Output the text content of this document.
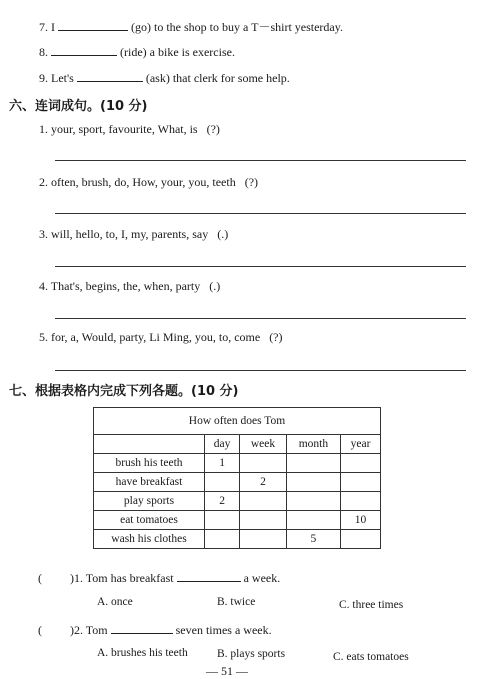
7. I	(go) to the shop to buy a T－shirt yesterday.
8.	(ride) a bike is exercise.
9. Let's	(ask) that clerk for some help.
六、连词成句。(10 分)
1. your, sport, favourite, What, is (?)
2. often, brush, do, How, your, you, teeth (?)
3. will, hello, to, I, my, parents, say (.)
4. That's, begins, the, when, party (.)
5. for, a, Would, party, Li Ming, you, to, come (?)
七、根据表格内完成下列各题。(10 分)
How often does Tom				
	day	week	month	year
brush his teeth	1			
have breakfast		2		
play sports	2			
eat tomatoes				10
wash his clothes			5	
( )1. Tom has breakfast	a week.
A. once	B. twice	C. three times
( )2. Tom	seven times a week.
A. brushes his teeth	B. plays sports	C. eats tomatoes
— 51 —
